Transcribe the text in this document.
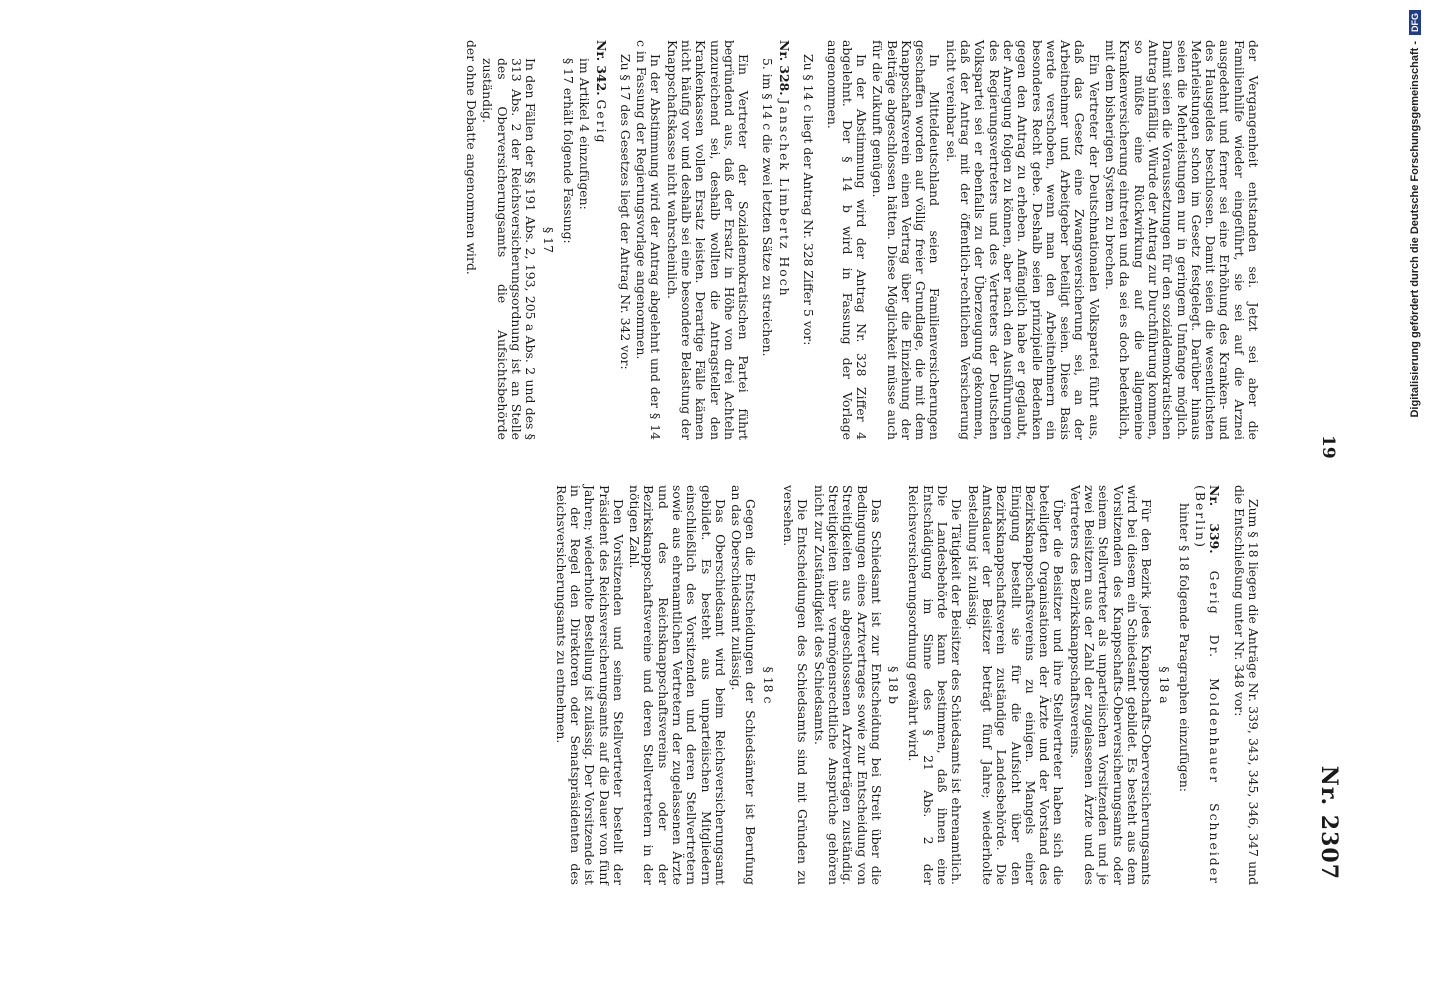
19
Nr. 2307

der Vergangenheit entstanden sei. Jetzt sei aber die Familienhilfe wieder eingeführt, sie sei auf die Arznei ausgedehnt und ferner sei eine Erhöhung des Kranken- und des Hausgeldes beschlossen. Damit seien die wesentlichsten Mehrleistungen schon im Gesetz festgelegt. Darüber hinaus seien die Mehrleistungen nur in geringem Umfange möglich. Damit seien die Voraussetzungen für den sozialdemokratischen Antrag hinfällig. Würde der Antrag zur Durchführung kommen, so müßte eine Rückwirkung auf die allgemeine Krankenversicherung eintreten und da sei es doch bedenklich, mit dem bisherigen System zu brechen.

Ein Vertreter der Deutschnationalen Volkspartei führt aus, daß das Gesetz eine Zwangsversicherung sei, an der Arbeitnehmer und Arbeitgeber beteiligt seien. Diese Basis werde verschoben, wenn man den Arbeitnehmern ein besonderes Recht gebe. Deshalb seien prinzipielle Bedenken gegen den Antrag zu erheben. Anfänglich habe er geglaubt, der Anregung folgen zu können, aber nach den Ausführungen des Regierungsvertreters und des Vertreters der Deutschen Volkspartei sei er ebenfalls zu der Überzeugung gekommen, daß der Antrag mit der öffentlich-rechtlichen Versicherung nicht vereinbar sei.

In Mitteldeutschland seien Familienversicherungen geschaffen worden auf völlig freier Grundlage, die mit dem Knappschaftsverein einen Vertrag über die Einziehung der Beiträge abgeschlossen hätten. Diese Möglichkeit müsse auch für die Zukunft genügen.

In der Abstimmung wird der Antrag Nr. 328 Ziffer 4 abgelehnt. Der § 14 b wird in Fassung der Vorlage angenommen.

Zu § 14 c liegt der Antrag Nr. 328 Ziffer 5 vor:

Nr. 328. Janschek Limbertz Hoch

5. im § 14 c die zwei letzten Sätze zu streichen.

Ein Vertreter der Sozialdemokratischen Partei führt begründend aus, daß der Ersatz in Höhe von drei Achteln unzureichend sei, deshalb wollten die Antragsteller den Krankenkassen vollen Ersatz leisten. Derartige Fälle kämen nicht häufig vor und deshalb sei eine besondere Belastung der Knappschaftskasse nicht wahrscheinlich.

In der Abstimmung wird der Antrag abgelehnt und der § 14 c in Fassung der Regierungsvorlage angenommen.

Zu § 17 des Gesetzes liegt der Antrag Nr. 342 vor:

Nr. 342. Gerig

im Artikel 4 einzufügen:

§ 17 erhält folgende Fassung:

§ 17

In den Fällen der §§ 191 Abs. 2, 193, 205 a Abs. 2 und des § 313 Abs. 2 der Reichsversicherungsordnung ist an Stelle des Oberversicherungsamts die Aufsichtsbehörde zuständig.

der ohne Debatte angenommen wird.

Zum § 18 liegen die Anträge Nr. 339, 343, 345, 346, 347 und die Entschließung unter Nr. 348 vor:

Nr. 339. Gerig Dr. Moldenhauer Schneider (Berlin)

hinter § 18 folgende Paragraphen einzufügen:

§ 18 a

Für den Bezirk jedes Knappschafts-Oberversicherungsamts wird bei diesem ein Schiedsamt gebildet. Es besteht aus dem Vorsitzenden des Knappschafts-Oberversicherungsamts oder seinem Stellvertreter als unparteiischen Vorsitzenden und je zwei Beisitzern aus der Zahl der zugelassenen Ärzte und des Vertreters des Bezirksknappschaftsvereins.

Über die Beisitzer und ihre Stellvertreter haben sich die beteiligten Organisationen der Ärzte und der Vorstand des Bezirksknappschaftsvereins zu einigen. Mangels einer Einigung bestellt sie für die Aufsicht über den Bezirksknappschaftsverein zuständige Landesbehörde. Die Amtsdauer der Beisitzer beträgt fünf Jahre; wiederholte Bestellung ist zulässig.

Die Tätigkeit der Beisitzer des Schiedsamts ist ehrenamtlich. Die Landesbehörde kann bestimmen, daß ihnen eine Entschädigung im Sinne des § 21 Abs. 2 der Reichsversicherungsordnung gewährt wird.

§ 18 b

Das Schiedsamt ist zur Entscheidung bei Streit über die Bedingungen eines Arztvertrages sowie zur Entscheidung von Streitigkeiten aus abgeschlossenen Arztverträgen zuständig. Streitigkeiten über vermögensrechtliche Ansprüche gehören nicht zur Zuständigkeit des Schiedsamts.

Die Entscheidungen des Schiedsamts sind mit Gründen zu versehen.

§ 18 c

Gegen die Entscheidungen der Schiedsämter ist Berufung an das Oberschiedsamt zulässig.

Das Oberschiedsamt wird beim Reichsversicherungsamt gebildet. Es besteht aus unparteiischen Mitgliedern einschließlich des Vorsitzenden und deren Stellvertretern sowie aus ehrenamtlichen Vertretern der zugelassenen Ärzte und des Reichsknappschaftsvereins oder der Bezirksknappschaftsvereine und deren Stellvertretern in der nötigen Zahl.

Den Vorsitzenden und seinen Stellvertreter bestellt der Präsident des Reichsversicherungsamts auf die Dauer von fünf Jahren; wiederholte Bestellung ist zulässig. Der Vorsitzende ist in der Regel den Direktoren oder Senatspräsidenten des Reichsversicherungsamts zu entnehmen.

Digitalisierung gefördert durch die Deutsche Forschungsgemeinschaft -
DFG
